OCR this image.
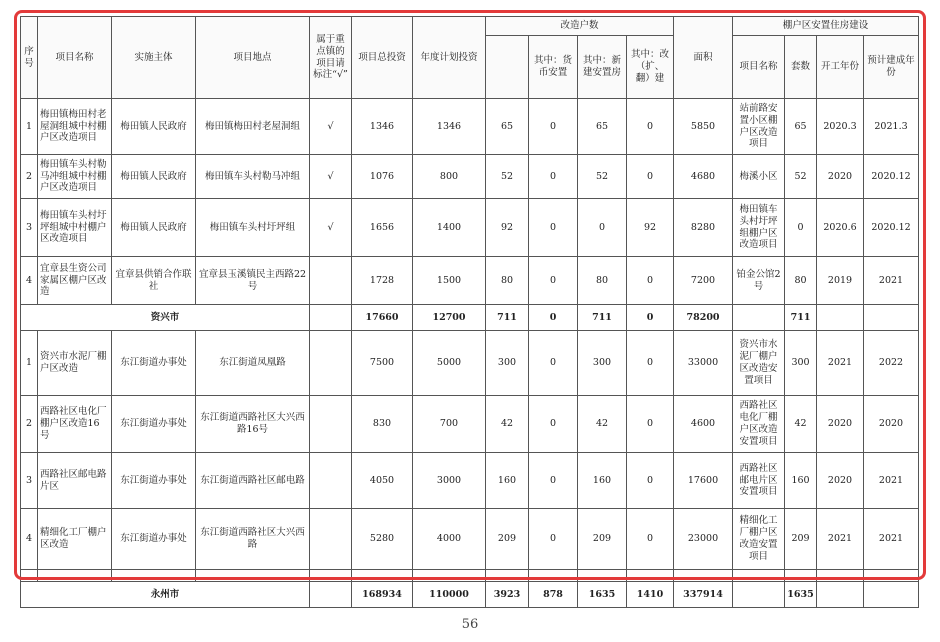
序号	项目名称	实施主体	项目地点	属于重点镇的项目请标注“√”	项目总投资	年度计划投资	改造户数				面积	棚户区安置住房建设			
								其中：货币安置	其中：新建安置房	其中：改（扩、翻）建		项目名称	套数	开工年份	预计建成年份
1	梅田镇梅田村老屋洞组城中村棚户区改造项目	梅田镇人民政府	梅田镇梅田村老屋洞组	√	1346	1346	65	0	65	0	5850	站前路安置小区棚户区改造项目	65	2020.3	2021.3
2	梅田镇车头村勒马冲组城中村棚户区改造项目	梅田镇人民政府	梅田镇车头村勒马冲组	√	1076	800	52	0	52	0	4680	梅溪小区	52	2020	2020.12
3	梅田镇车头村圩坪组城中村棚户区改造项目	梅田镇人民政府	梅田镇车头村圩坪组	√	1656	1400	92	0	0	92	8280	梅田镇车头村圩坪组棚户区改造项目	0	2020.6	2020.12
4	宜章县生资公司家属区棚户区改造	宜章县供销合作联社	宜章县玉溪镇民主西路22号		1728	1500	80	0	80	0	7200	铂金公馆2号	80	2019	2021
资兴市					17660	12700	711	0	711	0	78200		711		
1	资兴市水泥厂棚户区改造	东江街道办事处	东江街道凤凰路		7500	5000	300	0	300	0	33000	资兴市水泥厂棚户区改造安置项目	300	2021	2022
2	西路社区电化厂棚户区改造16号	东江街道办事处	东江街道西路社区大兴西路16号		830	700	42	0	42	0	4600	西路社区电化厂棚户区改造安置项目	42	2020	2020
3	西路社区邮电路片区	东江街道办事处	东江街道西路社区邮电路		4050	3000	160	0	160	0	17600	西路社区邮电片区安置项目	160	2020	2021
4	精细化工厂棚户区改造	东江街道办事处	东江街道西路社区大兴西路		5280	4000	209	0	209	0	23000	精细化工厂棚户区改造安置项目	209	2021	2021

永州市					168934	110000	3923	878	1635	1410	337914		1635		
56
